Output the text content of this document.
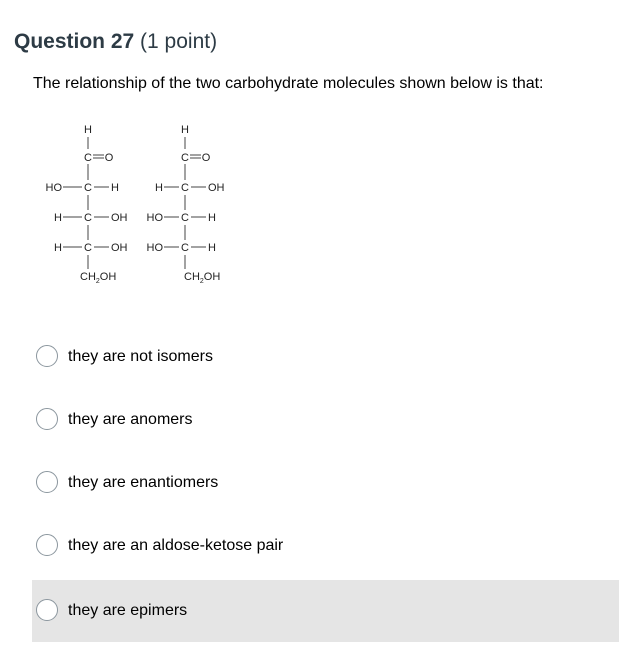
Question 27 (1 point)
The relationship of the two carbohydrate molecules shown below is that:
H
C O
HO C H
H C OH
H C OH
$CH_2OH$
H
C O
H C OH
HO C H
HO C H
$CH_2OH$
they are not isomers
they are anomers
they are enantiomers
they are an aldose-ketose pair
they are epimers
